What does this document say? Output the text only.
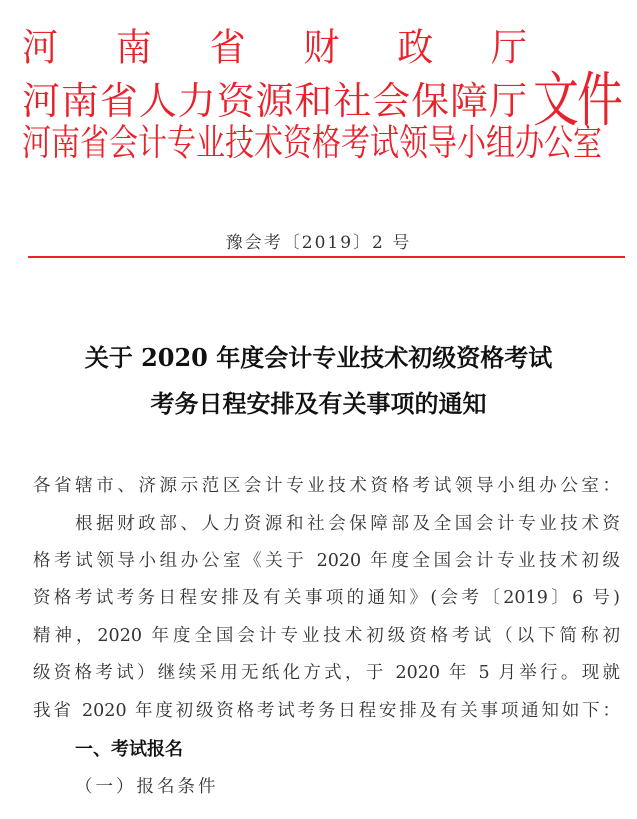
河南省财政厅
河南省人力资源和社会保障厅
河南省会计专业技术资格考试领导小组办公室
文件
豫会考〔2019〕2 号
关于 2020 年度会计专业技术初级资格考试
考务日程安排及有关事项的通知
各省辖市、济源示范区会计专业技术资格考试领导小组办公室：
根据财政部、人力资源和社会保障部及全国会计专业技术资
格考试领导小组办公室《关于 2020 年度全国会计专业技术初级
资格考试考务日程安排及有关事项的通知》(会考〔2019〕6 号)
精神，2020 年度全国会计专业技术初级资格考试（以下简称初
级资格考试）继续采用无纸化方式，于 2020 年 5 月举行。现就
我省 2020 年度初级资格考试考务日程安排及有关事项通知如下：
一、考试报名
（一）报名条件
